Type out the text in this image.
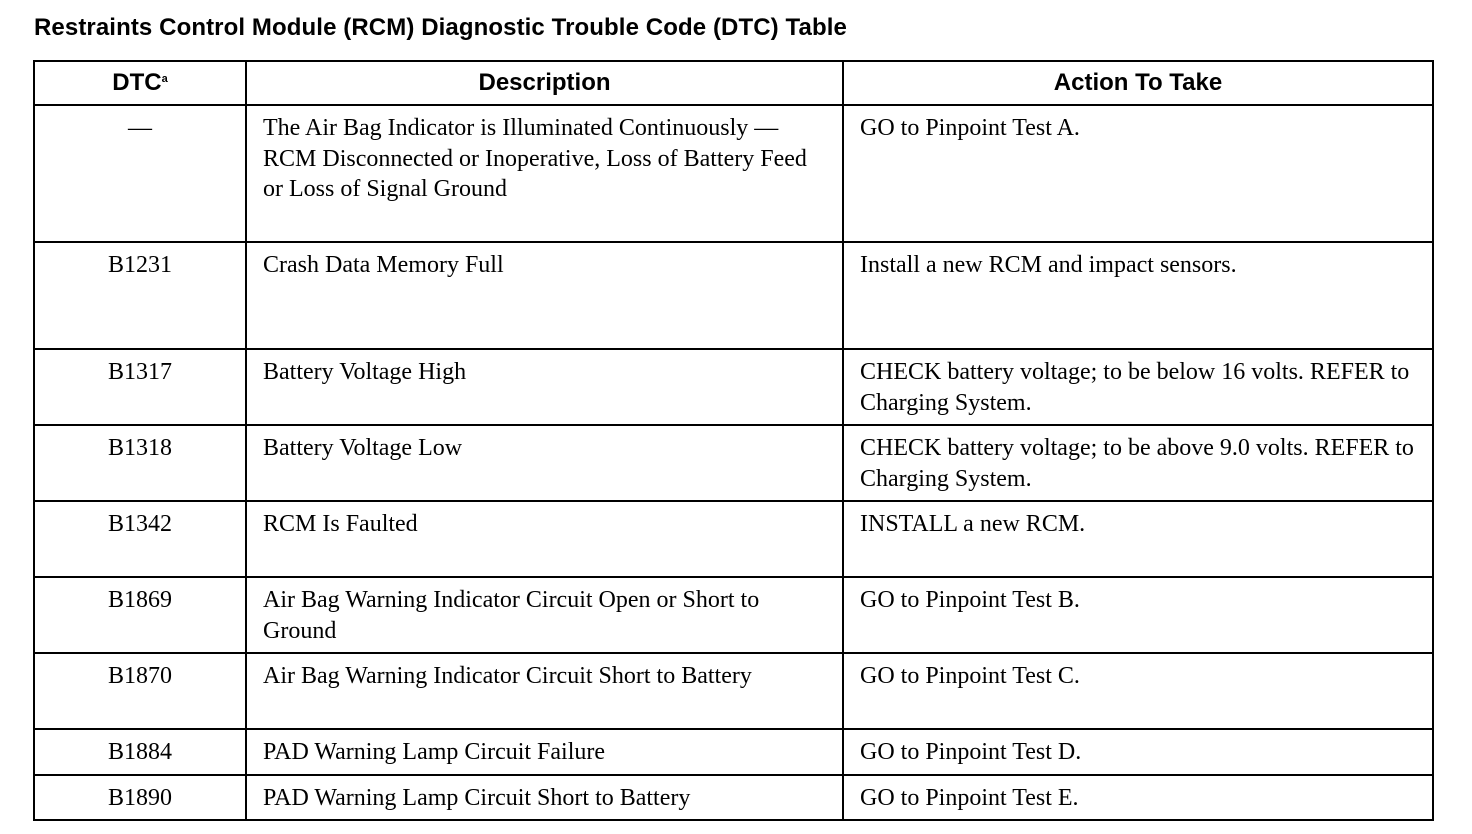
Restraints Control Module (RCM) Diagnostic Trouble Code (DTC) Table
DTC$^a$	Description	Action To Take
—	The Air Bag Indicator is Illuminated Continuously — RCM Disconnected or Inoperative, Loss of Battery Feed or Loss of Signal Ground	GO to Pinpoint Test A.
B1231	Crash Data Memory Full	Install a new RCM and impact sensors.
B1317	Battery Voltage High	CHECK battery voltage; to be below 16 volts. REFER to Charging System.
B1318	Battery Voltage Low	CHECK battery voltage; to be above 9.0 volts. REFER to Charging System.
B1342	RCM Is Faulted	INSTALL a new RCM.
B1869	Air Bag Warning Indicator Circuit Open or Short to Ground	GO to Pinpoint Test B.
B1870	Air Bag Warning Indicator Circuit Short to Battery	GO to Pinpoint Test C.
B1884	PAD Warning Lamp Circuit Failure	GO to Pinpoint Test D.
B1890	PAD Warning Lamp Circuit Short to Battery	GO to Pinpoint Test E.
